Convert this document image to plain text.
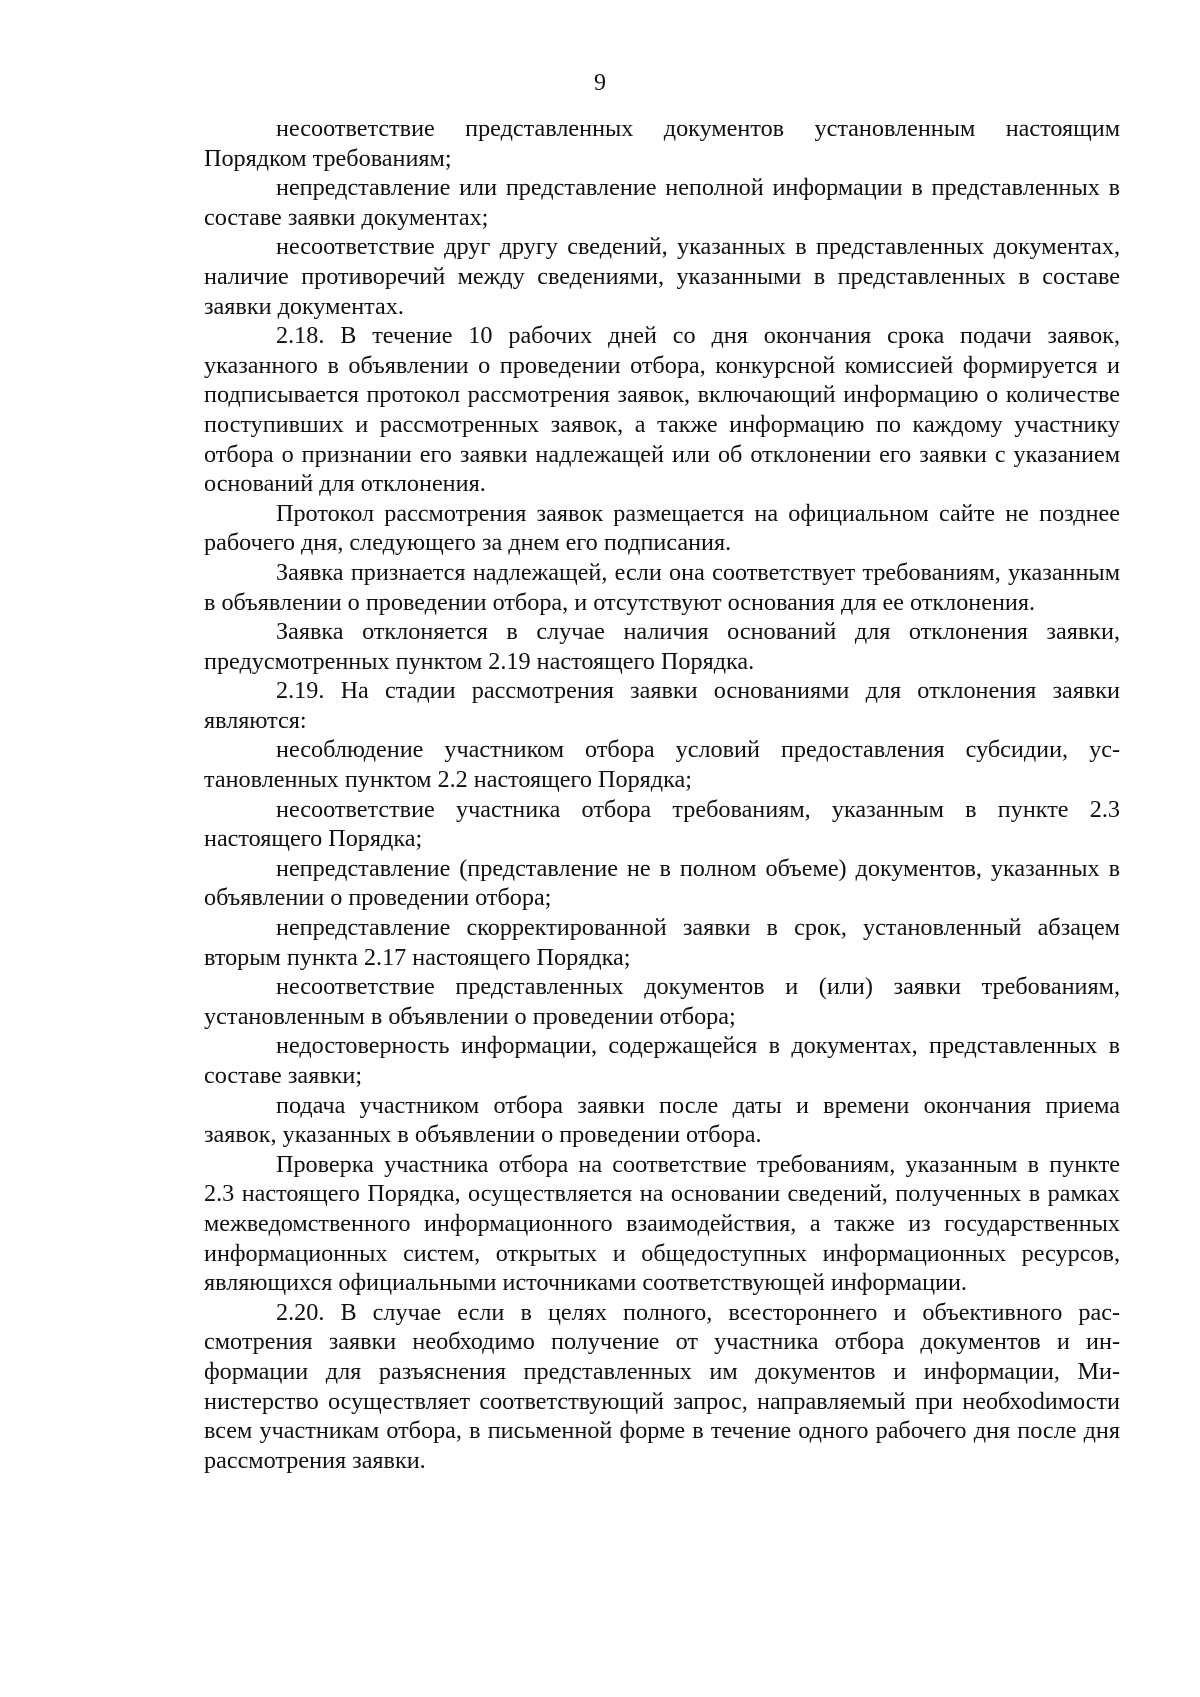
9

несоответствие представленных документов установленным настоящим Порядком требованиям;

непредставление или представление неполной информации в представленных в составе заявки документах;

несоответствие друг другу сведений, указанных в представленных документах, наличие противоречий между сведениями, указанными в представленных в составе заявки документах.

2.18. В течение 10 рабочих дней со дня окончания срока подачи заявок, указанного в объявлении о проведении отбора, конкурсной комиссией формируется и подписывается протокол рассмотрения заявок, включающий информацию о количестве поступивших и рассмотренных заявок, а также информацию по каждому участнику отбора о признании его заявки надлежащей или об отклонении его заявки с указанием оснований для отклонения.

Протокол рассмотрения заявок размещается на официальном сайте не позднее рабочего дня, следующего за днем его подписания.

Заявка признается надлежащей, если она соответствует требованиям, указанным в объявлении о проведении отбора, и отсутствуют основания для ее отклонения.

Заявка отклоняется в случае наличия оснований для отклонения заявки, предусмотренных пунктом 2.19 настоящего Порядка.

2.19. На стадии рассмотрения заявки основаниями для отклонения заявки являются:

несоблюдение участником отбора условий предоставления субсидии, установленных пунктом 2.2 настоящего Порядка;

несоответствие участника отбора требованиям, указанным в пункте 2.3 настоящего Порядка;

непредставление (представление не в полном объеме) документов, указанных в объявлении о проведении отбора;

непредставление скорректированной заявки в срок, установленный абзацем вторым пункта 2.17 настоящего Порядка;

несоответствие представленных документов и (или) заявки требованиям, установленным в объявлении о проведении отбора;

недостоверность информации, содержащейся в документах, представленных в составе заявки;

подача участником отбора заявки после даты и времени окончания приема заявок, указанных в объявлении о проведении отбора.

Проверка участника отбора на соответствие требованиям, указанным в пункте 2.3 настоящего Порядка, осуществляется на основании сведений, полученных в рамках межведомственного информационного взаимодействия, а также из государственных информационных систем, открытых и общедоступных информационных ресурсов, являющихся официальными источниками соответствующей информации.

2.20. В случае если в целях полного, всестороннего и объективного рассмотрения заявки необходимо получение от участника отбора документов и информации для разъяснения представленных им документов и информации, Министерство осуществляет соответствующий запрос, направляемый при необхоdимости всем участникам отбора, в письменной форме в течение одного рабочего дня после дня рассмотрения заявки.
